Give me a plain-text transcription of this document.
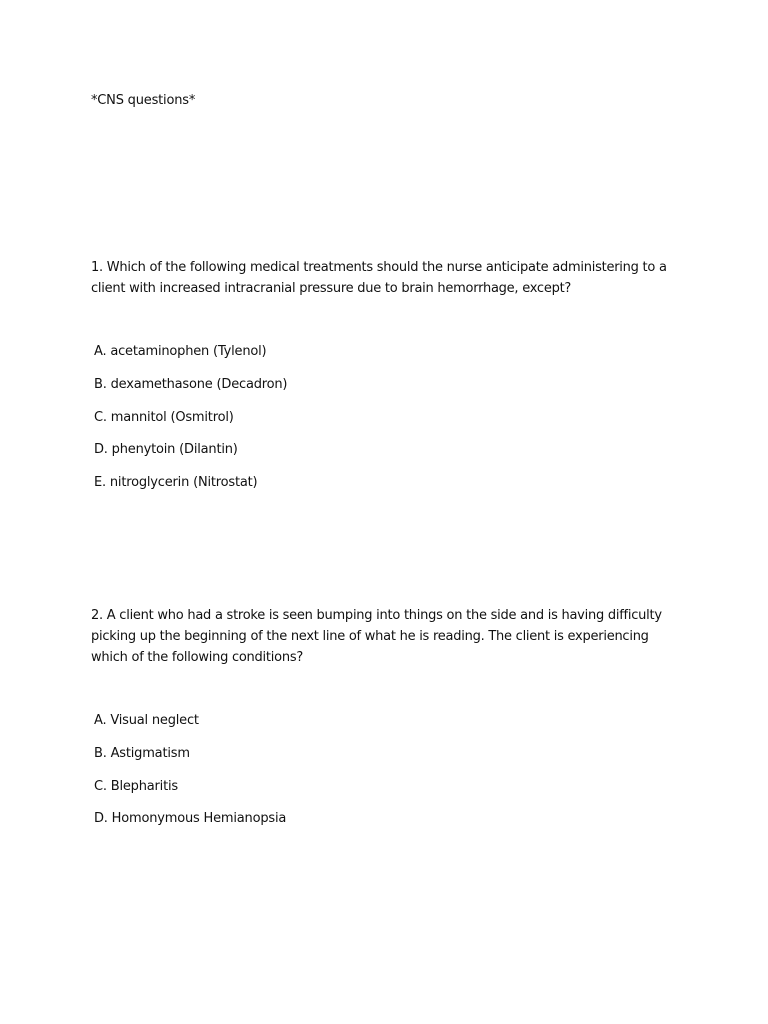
*CNS questions*
1. Which of the following medical treatments should the nurse anticipate administering to a client with increased intracranial pressure due to brain hemorrhage, except?
A. acetaminophen (Tylenol)
B. dexamethasone (Decadron)
C. mannitol (Osmitrol)
D. phenytoin (Dilantin)
E. nitroglycerin (Nitrostat)
2. A client who had a stroke is seen bumping into things on the side and is having difficulty picking up the beginning of the next line of what he is reading. The client is experiencing which of the following conditions?
A. Visual neglect
B. Astigmatism
C. Blepharitis
D. Homonymous Hemianopsia
